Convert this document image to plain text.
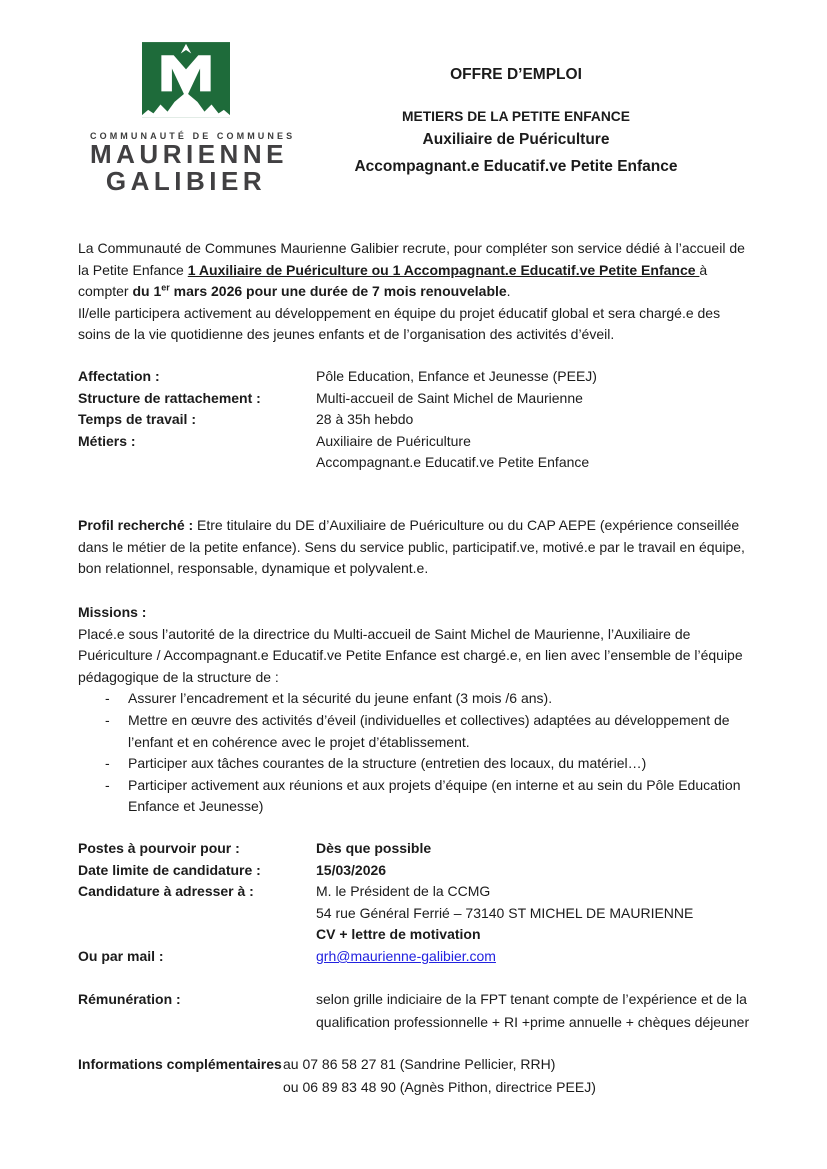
COMMUNAUTÉ DE COMMUNES
MAURIENNE
GALIBIER
OFFRE D’EMPLOI
METIERS DE LA PETITE ENFANCE
Auxiliaire de Puériculture
Accompagnant.e Educatif.ve Petite Enfance

La Communauté de Communes Maurienne Galibier recrute, pour compléter son service dédié à l’accueil de la Petite Enfance 1 Auxiliaire de Puériculture ou 1 Accompagnant.e Educatif.ve Petite Enfance à compter du 1er mars 2026 pour une durée de 7 mois renouvelable.

Il/elle participera activement au développement en équipe du projet éducatif global et sera chargé.e des soins de la vie quotidienne des jeunes enfants et de l’organisation des activités d’éveil.

Affectation :	Pôle Education, Enfance et Jeunesse (PEEJ)
Structure de rattachement :	Multi-accueil de Saint Michel de Maurienne
Temps de travail :	28 à 35h hebdo
Métiers :	Auxiliaire de Puériculture
Accompagnant.e Educatif.ve Petite Enfance

Profil recherché : Etre titulaire du DE d’Auxiliaire de Puériculture ou du CAP AEPE (expérience conseillée dans le métier de la petite enfance). Sens du service public, participatif.ve, motivé.e par le travail en équipe, bon relationnel, responsable, dynamique et polyvalent.e.

Missions :

Placé.e sous l’autorité de la directrice du Multi-accueil de Saint Michel de Maurienne, l’Auxiliaire de Puériculture / Accompagnant.e Educatif.ve Petite Enfance est chargé.e, en lien avec l’ensemble de l’équipe pédagogique de la structure de :

- Assurer l’encadrement et la sécurité du jeune enfant (3 mois /6 ans).
- Mettre en œuvre des activités d’éveil (individuelles et collectives) adaptées au développement de l’enfant et en cohérence avec le projet d’établissement.
- Participer aux tâches courantes de la structure (entretien des locaux, du matériel…)
- Participer activement aux réunions et aux projets d’équipe (en interne et au sein du Pôle Education Enfance et Jeunesse)
Postes à pourvoir pour :	Dès que possible
Date limite de candidature :	15/03/2026
Candidature à adresser à :	M. le Président de la CCMG
54 rue Général Ferrié – 73140 ST MICHEL DE MAURIENNE
CV + lettre de motivation
Ou par mail :	grh@maurienne-galibier.com
Rémunération :	selon grille indiciaire de la FPT tenant compte de l’expérience et de la qualification professionnelle + RI +prime annuelle + chèques déjeuner
Informations complémentaires au 07 86 58 27 81 (Sandrine Pellicier, RRH)
ou 06 89 83 48 90 (Agnès Pithon, directrice PEEJ)
